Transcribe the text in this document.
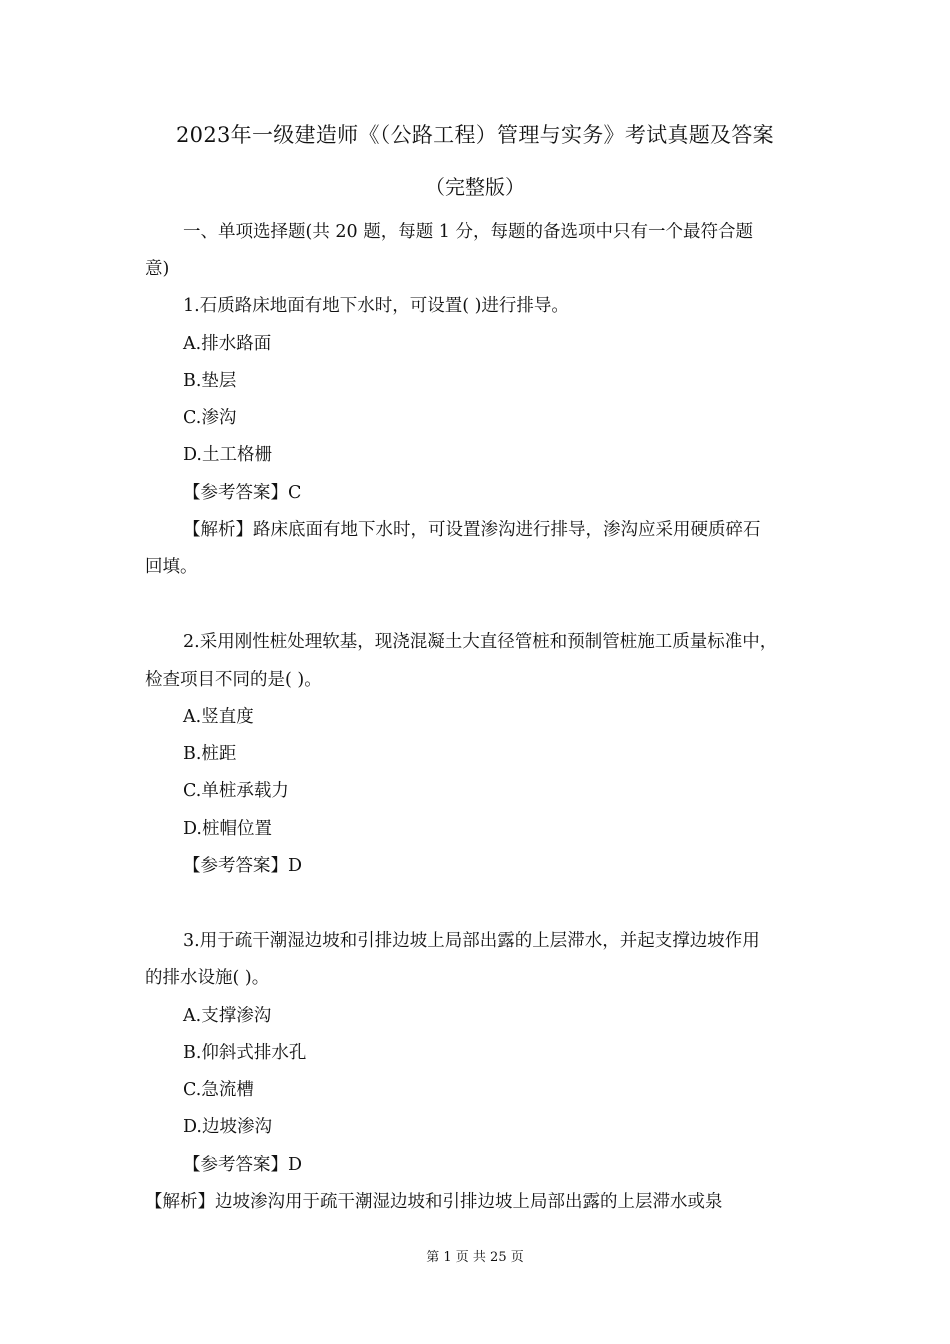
2023年一级建造师《（公路工程）管理与实务》考试真题及答案
（完整版）
一、单项选择题(共 20 题，每题 1 分，每题的备选项中只有一个最符合题
意)
1.石质路床地面有地下水时，可设置( )进行排导。
A.排水路面
B.垫层
C.渗沟
D.土工格栅
【参考答案】C
【解析】路床底面有地下水时，可设置渗沟进行排导，渗沟应采用硬质碎石
回填。
2.采用刚性桩处理软基，现浇混凝土大直径管桩和预制管桩施工质量标准中，
检查项目不同的是( )。
A.竖直度
B.桩距
C.单桩承载力
D.桩帽位置
【参考答案】D
3.用于疏干潮湿边坡和引排边坡上局部出露的上层滞水，并起支撑边坡作用
的排水设施( )。
A.支撑渗沟
B.仰斜式排水孔
C.急流槽
D.边坡渗沟
【参考答案】D
【解析】边坡渗沟用于疏干潮湿边坡和引排边坡上局部出露的上层滞水或泉
第 1 页 共 25 页
